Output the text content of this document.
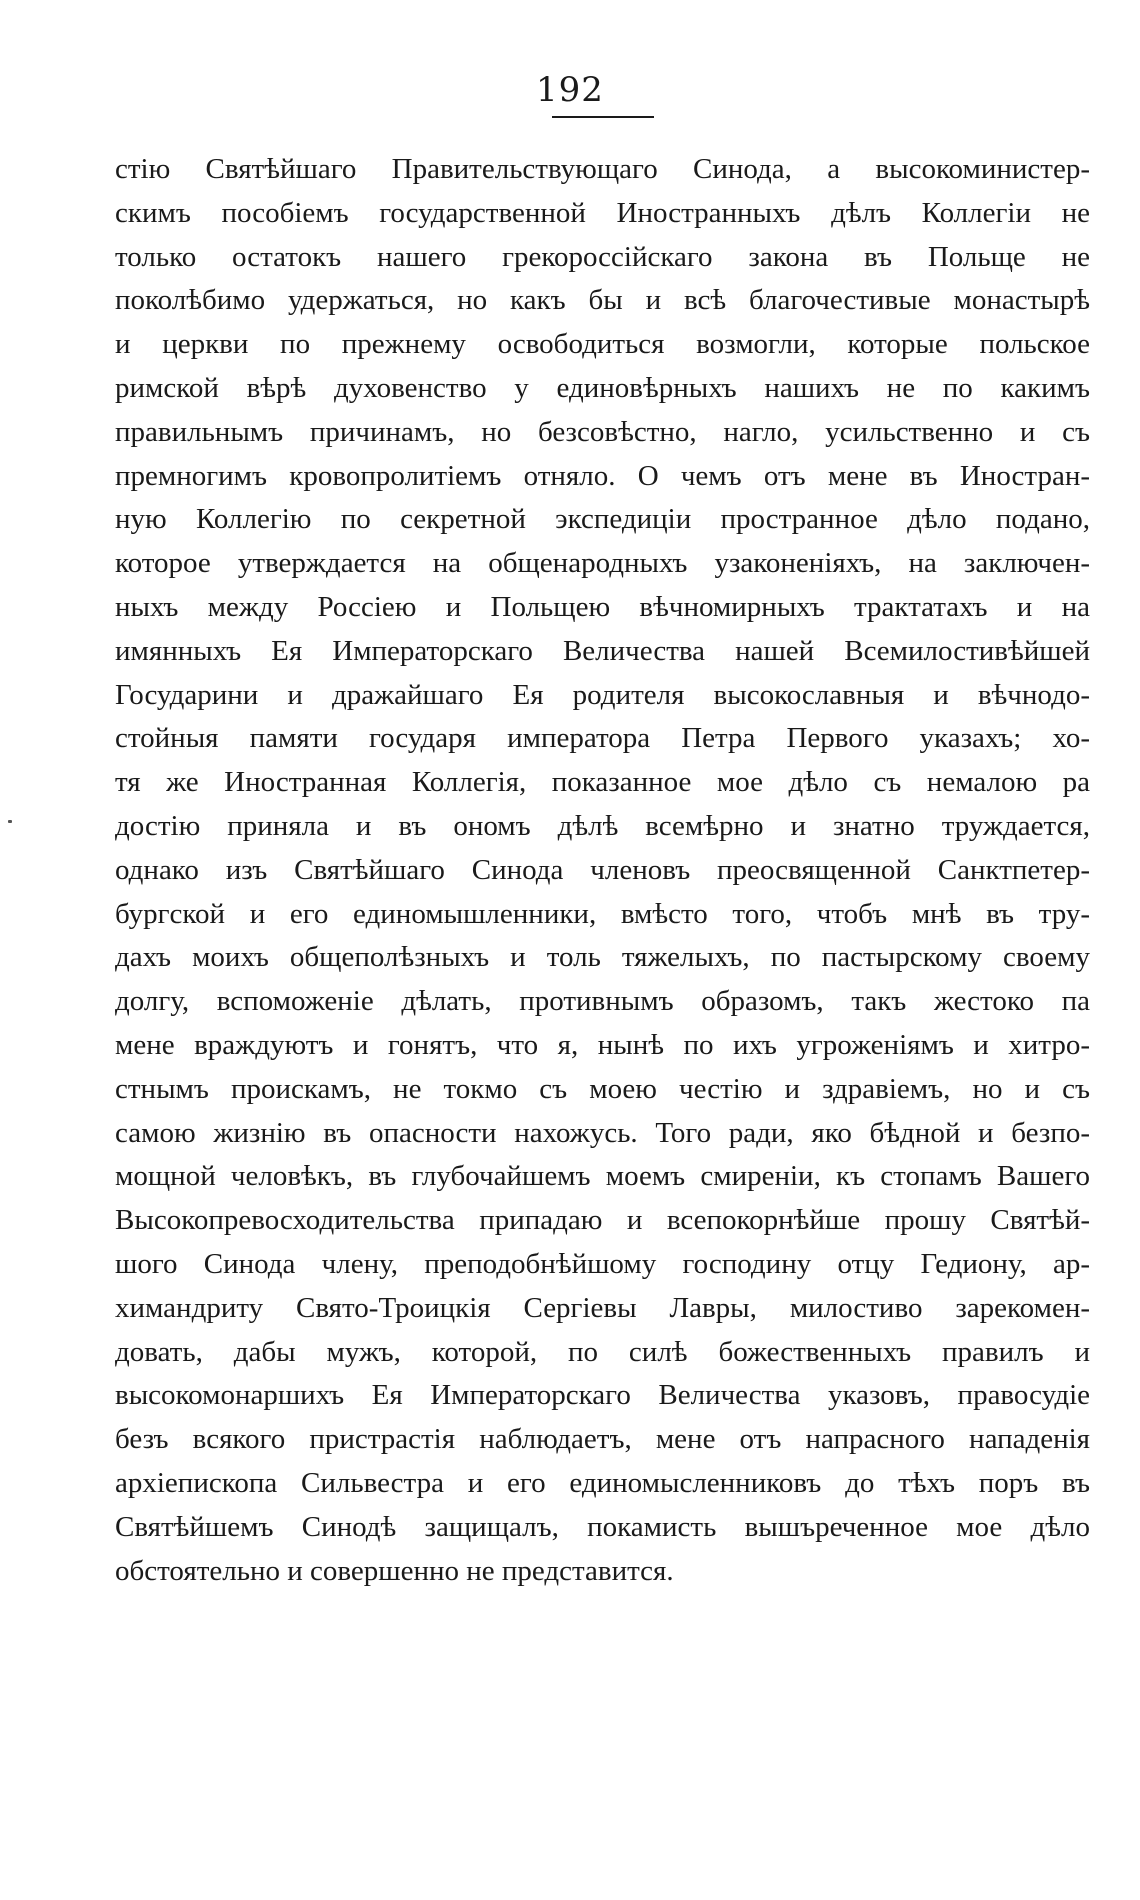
192
стію Святѣйшаго Правительствующаго Синода, а высокоминистер-
скимъ пособіемъ государственной Иностранныхъ дѣлъ Коллегіи не
только остатокъ нашего грекороссійскаго закона въ Польще не
поколѣбимо удержаться, но какъ бы и всѣ благочестивые монастырѣ
и церкви по прежнему освободиться возмогли, которые польское
римской вѣрѣ духовенство у единовѣрныхъ нашихъ не по какимъ
правильнымъ причинамъ, но безсовѣстно, нагло, усильственно и съ
премногимъ кровопролитіемъ отняло. О чемъ отъ мене въ Иностран-
ную Коллегію по секретной экспедиціи пространное дѣло подано,
которое утверждается на общенародныхъ узаконеніяхъ, на заключен-
ныхъ между Россіею и Польщею вѣчномирныхъ трактатахъ и на
имянныхъ Ея Императорскаго Величества нашей Всемилостивѣйшей
Государини и дражайшаго Ея родителя высокославныя и вѣчнодо-
стойныя памяти государя императора Петра Первого указахъ; хо-
тя же Иностранная Коллегія, показанное мое дѣло съ немалою ра
достію приняла и въ ономъ дѣлѣ всемѣрно и знатно труждается,
однако изъ Святѣйшаго Синода членовъ преосвященной Санктпетер-
бургской и его единомышленники, вмѣсто того, чтобъ мнѣ въ тру-
дахъ моихъ общеполѣзныхъ и толь тяжелыхъ, по пастырскому своему
долгу, вспоможеніе дѣлать, противнымъ образомъ, такъ жестоко па
мене враждуютъ и гонятъ, что я, нынѣ по ихъ угроженіямъ и хитро-
стнымъ проискамъ, не токмо съ моею честію и здравіемъ, но и съ
самою жизнію въ опасности нахожусь. Того ради, яко бѣдной и безпо-
мощной человѣкъ, въ глубочайшемъ моемъ смиреніи, къ стопамъ Вашего
Высокопревосходительства припадаю и всепокорнѣйше прошу Святѣй-
шого Синода члену, преподобнѣйшому господину отцу Гедиону, ар-
химандриту Свято-Троицкія Сергіевы Лавры, милостиво зарекомен-
довать, дабы мужъ, которой, по силѣ божественныхъ правилъ и
высокомонаршихъ Ея Императорскаго Величества указовъ, правосудіе
безъ всякого пристрастія наблюдаетъ, мене отъ напрасного нападенія
архіепископа Сильвестра и его единомысленниковъ до тѣхъ поръ въ
Святѣйшемъ Синодѣ защищалъ, покамисть вышъреченное мое дѣло
обстоятельно и совершенно не представится.
